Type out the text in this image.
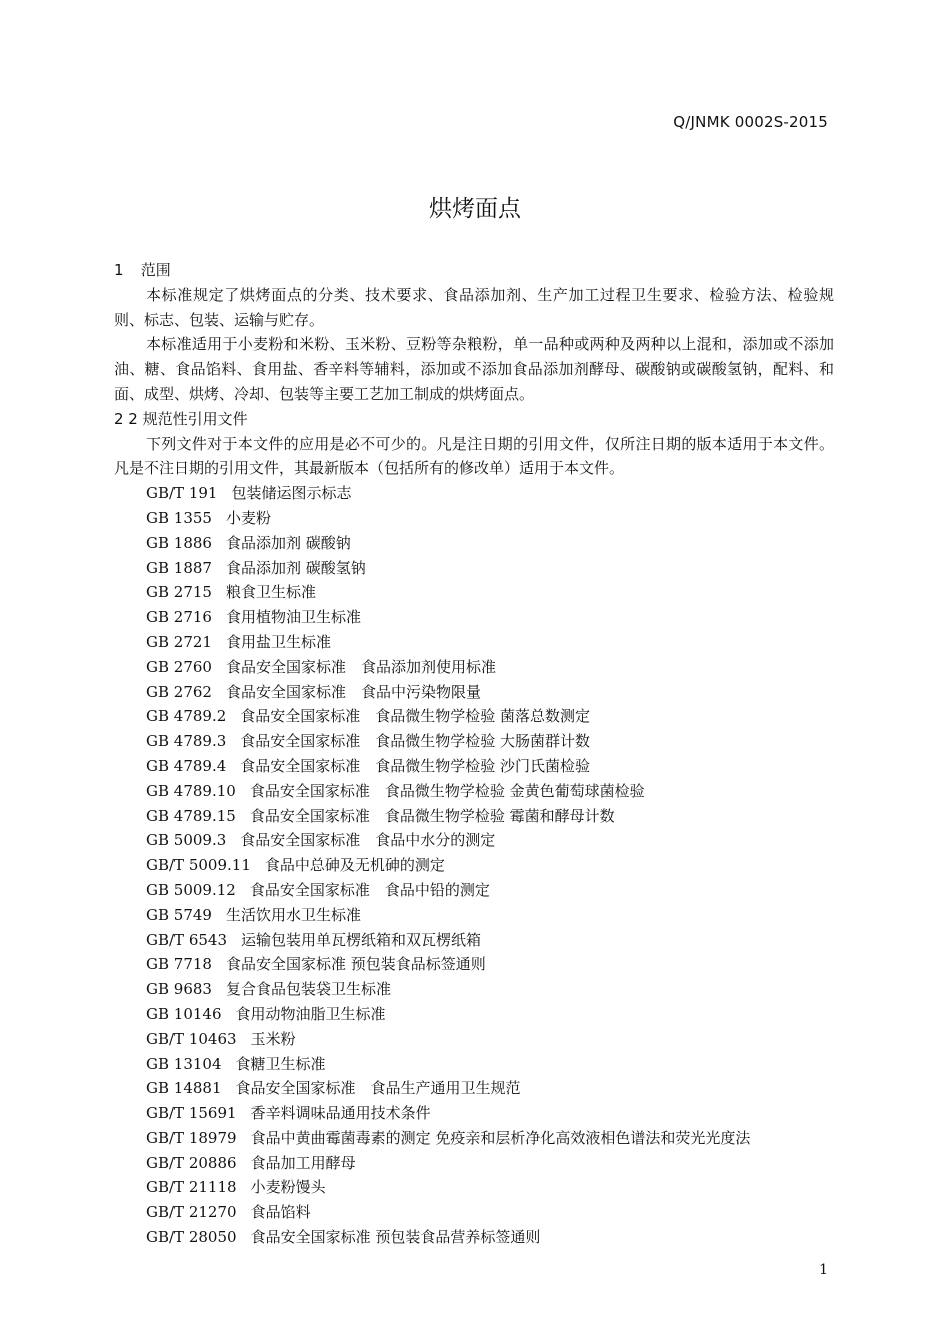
Q/JNMK 0002S-2015
烘烤面点
1 范围

本标准规定了烘烤面点的分类、技术要求、食品添加剂、生产加工过程卫生要求、检验方法、检验规则、标志、包装、运输与贮存。

本标准适用于小麦粉和米粉、玉米粉、豆粉等杂粮粉，单一品种或两种及两种以上混和，添加或不添加油、糖、食品馅料、食用盐、香辛料等辅料，添加或不添加食品添加剂酵母、碳酸钠或碳酸氢钠，配料、和面、成型、烘烤、冷却、包装等主要工艺加工制成的烘烤面点。

2 2 规范性引用文件

下列文件对于本文件的应用是必不可少的。凡是注日期的引用文件，仅所注日期的版本适用于本文件。凡是不注日期的引用文件，其最新版本（包括所有的修改单）适用于本文件。

GB/T 191 包装储运图示标志
GB 1355 小麦粉
GB 1886 食品添加剂 碳酸钠
GB 1887 食品添加剂 碳酸氢钠
GB 2715 粮食卫生标准
GB 2716 食用植物油卫生标准
GB 2721 食用盐卫生标准
GB 2760 食品安全国家标准　食品添加剂使用标准
GB 2762 食品安全国家标准　食品中污染物限量
GB 4789.2 食品安全国家标准　食品微生物学检验 菌落总数测定
GB 4789.3 食品安全国家标准　食品微生物学检验 大肠菌群计数
GB 4789.4 食品安全国家标准　食品微生物学检验 沙门氏菌检验
GB 4789.10 食品安全国家标准　食品微生物学检验 金黄色葡萄球菌检验
GB 4789.15 食品安全国家标准　食品微生物学检验 霉菌和酵母计数
GB 5009.3 食品安全国家标准　食品中水分的测定
GB/T 5009.11 食品中总砷及无机砷的测定
GB 5009.12 食品安全国家标准　食品中铅的测定
GB 5749 生活饮用水卫生标准
GB/T 6543 运输包装用单瓦楞纸箱和双瓦楞纸箱
GB 7718 食品安全国家标准 预包装食品标签通则
GB 9683 复合食品包装袋卫生标准
GB 10146 食用动物油脂卫生标准
GB/T 10463 玉米粉
GB 13104 食糖卫生标准
GB 14881 食品安全国家标准　食品生产通用卫生规范
GB/T 15691 香辛料调味品通用技术条件
GB/T 18979 食品中黄曲霉菌毒素的测定 免疫亲和层析净化高效液相色谱法和荧光光度法
GB/T 20886 食品加工用酵母
GB/T 21118 小麦粉馒头
GB/T 21270 食品馅料
GB/T 28050 食品安全国家标准 预包装食品营养标签通则
1
